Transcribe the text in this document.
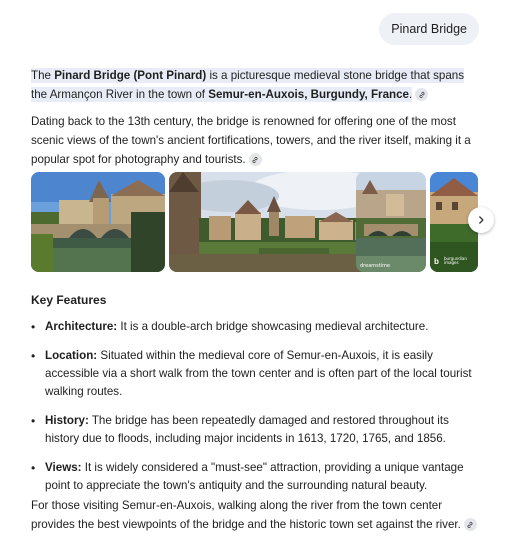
Pinard Bridge

The Pinard Bridge (Pont Pinard) is a picturesque medieval stone bridge that spans the Armançon River in the town of Semur-en-Auxois, Burgundy, France.

Dating back to the 13th century, the bridge is renowned for offering one of the most scenic views of the town's ancient fortifications, towers, and the river itself, making it a popular spot for photography and tourists.

dreamstime	b	burgundian images
Key Features
• Architecture: It is a double-arch bridge showcasing medieval architecture.
• Location: Situated within the medieval core of Semur-en-Auxois, it is easily accessible via a short walk from the town center and is often part of the local tourist walking routes.
• History: The bridge has been repeatedly damaged and restored throughout its history due to floods, including major incidents in 1613, 1720, 1765, and 1856.
• Views: It is widely considered a "must-see" attraction, providing a unique vantage point to appreciate the town's antiquity and the surrounding natural beauty.

For those visiting Semur-en-Auxois, walking along the river from the town center provides the best viewpoints of the bridge and the historic town set against the river.
